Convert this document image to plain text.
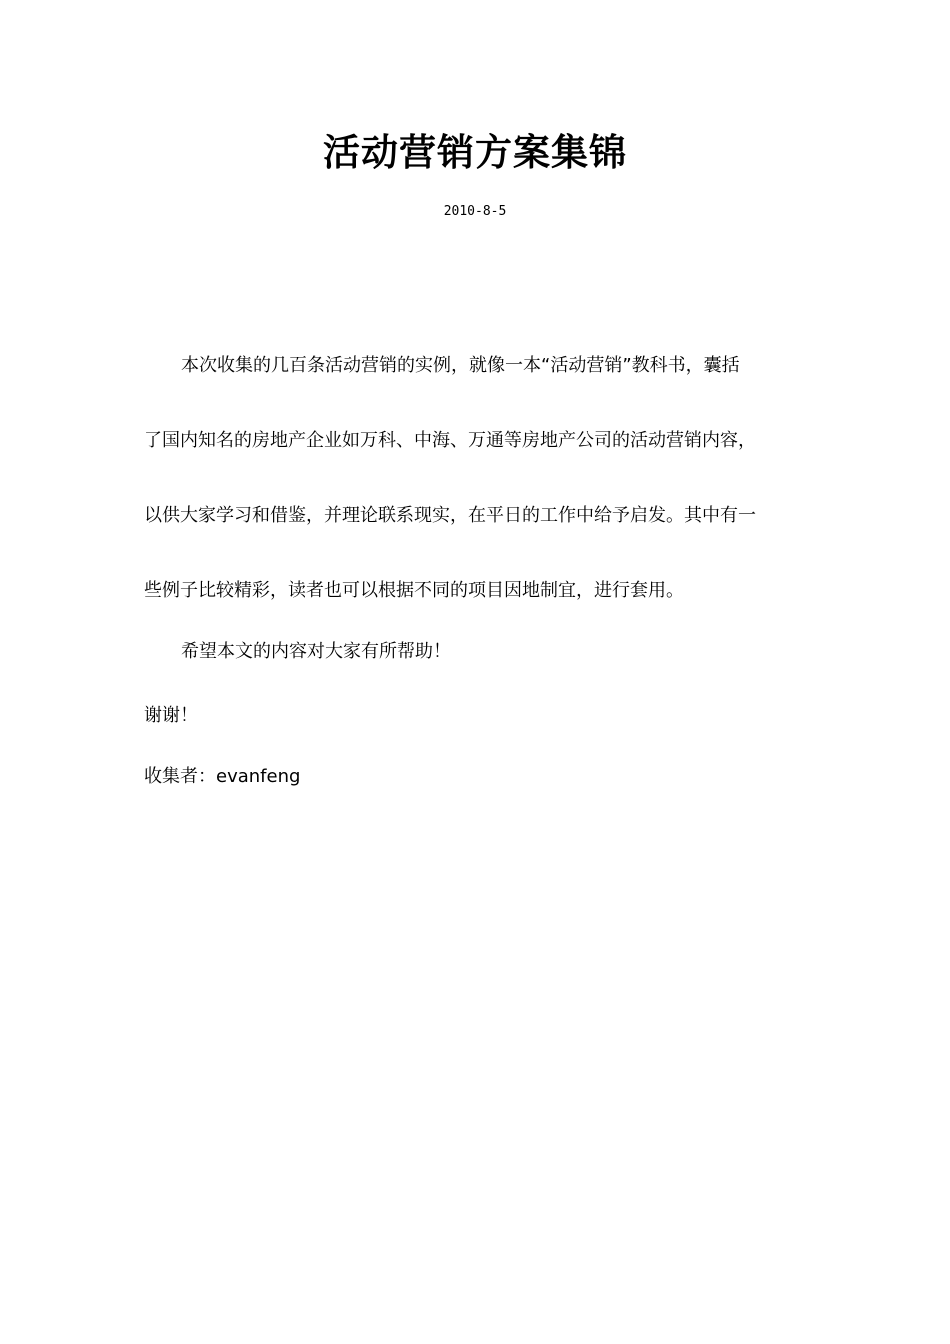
活动营销方案集锦
2010-8-5
本次收集的几百条活动营销的实例，就像一本“活动营销”教科书，囊括
了国内知名的房地产企业如万科、中海、万通等房地产公司的活动营销内容，
以供大家学习和借鉴，并理论联系现实，在平日的工作中给予启发。其中有一
些例子比较精彩，读者也可以根据不同的项目因地制宜，进行套用。
希望本文的内容对大家有所帮助！
谢谢！
收集者：evanfeng
